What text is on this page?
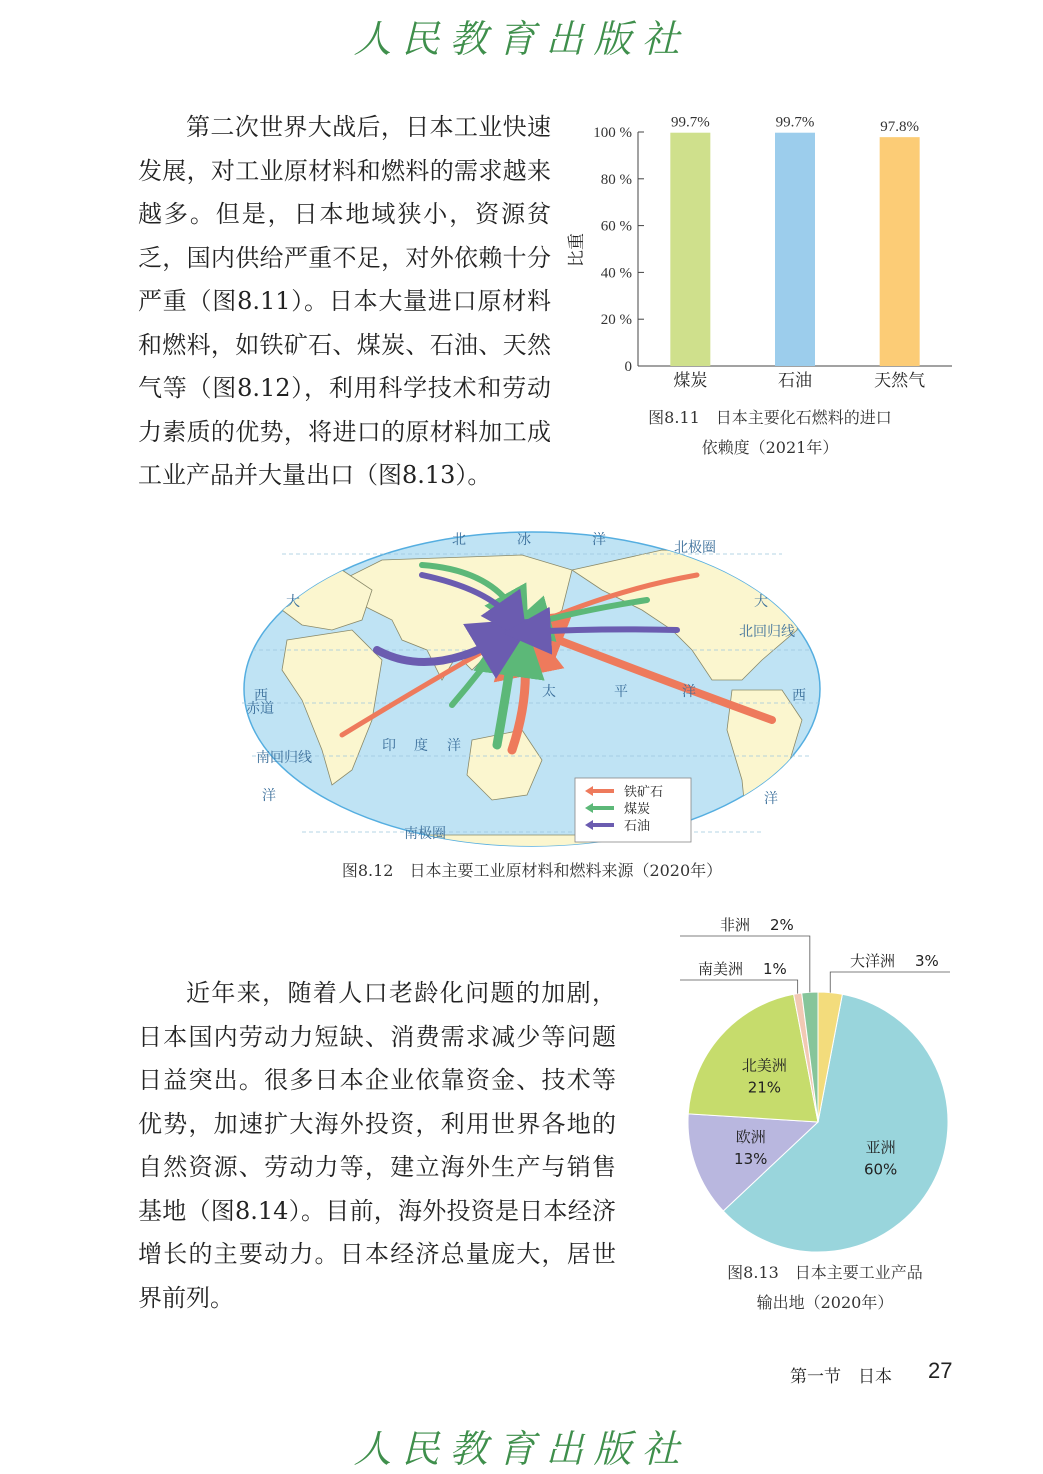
人民教育出版社

第二次世界大战后，日本工业快速发展，对工业原材料和燃料的需求越来越多。但是，日本地域狭小，资源贫乏，国内供给严重不足，对外依赖十分严重（图8.11）。日本大量进口原材料和燃料，如铁矿石、煤炭、石油、天然气等（图8.12），利用科学技术和劳动力素质的优势，将进口的原材料加工成工业产品并大量出口（图8.13）。

100 %
80 %
60 %
40 %
20 %
0
99.7%
煤炭
99.7%
石油
97.8%
天然气
比重
图8.11　日本主要化石燃料的进口
依赖度（2021年）
北	冰	洋	北极圈
大
西
洋
赤道
南回归线
北回归线
印 度 洋
太	平	洋
大
西
洋
南极圈
铁矿石
煤炭
石油
图8.12　日本主要工业原材料和燃料来源（2020年）

近年来，随着人口老龄化问题的加剧，日本国内劳动力短缺、消费需求减少等问题日益突出。很多日本企业依靠资金、技术等优势，加速扩大海外投资，利用世界各地的自然资源、劳动力等，建立海外生产与销售基地（图8.14）。目前，海外投资是日本经济增长的主要动力。日本经济总量庞大，居世界前列。

亚洲
60%
欧洲
13%
北美洲
21%
南美洲 1%
非洲 2%
大洋洲 3%
图8.13　日本主要工业产品
输出地（2020年）
第一节　日本 27
人民教育出版社
